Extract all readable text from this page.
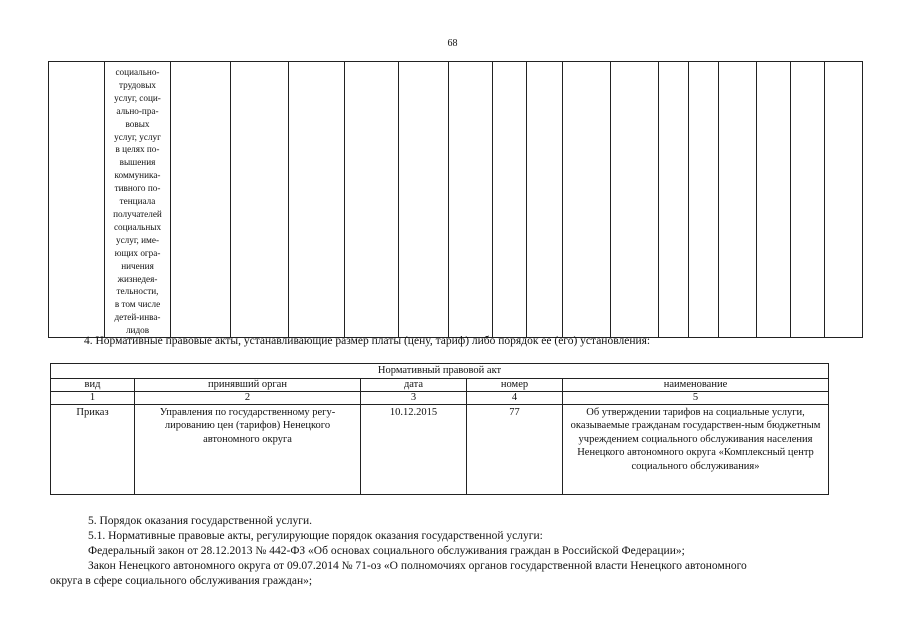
68
	социально-
трудовых
услуг, соци-
ально-пра-
вовых
услуг, услуг
в целях по-
вышения
коммуника-
тивного по-
тенциала
получателей
социальных
услуг, име-
ющих огра-
ничения
жизнедея-
тельности,
в том числе
детей-инва-
лидов																
4. Нормативные правовые акты, устанавливающие размер платы (цену, тариф) либо порядок ее (его) установления:
Нормативный правовой акт				
вид	принявший орган	дата	номер	наименование
1	2	3	4	5
Приказ	Управления по государственному регу-лированию цен (тарифов) Ненецкого автономного округа	10.12.2015	77	Об утверждении тарифов на социальные услуги, оказываемые гражданам государствен-ным бюджетным учреждением социального обслуживания населения Ненецкого автономного округа «Комплексный центр социального обслуживания»
5. Порядок оказания государственной услуги.
5.1. Нормативные правовые акты, регулирующие порядок оказания государственной услуги:
Федеральный закон от 28.12.2013 № 442-ФЗ «Об основах социального обслуживания граждан в Российской Федерации»;
Закон Ненецкого автономного округа от 09.07.2014 № 71-оз «О полномочиях органов государственной власти Ненецкого автономного
округа в сфере социального обслуживания граждан»;
